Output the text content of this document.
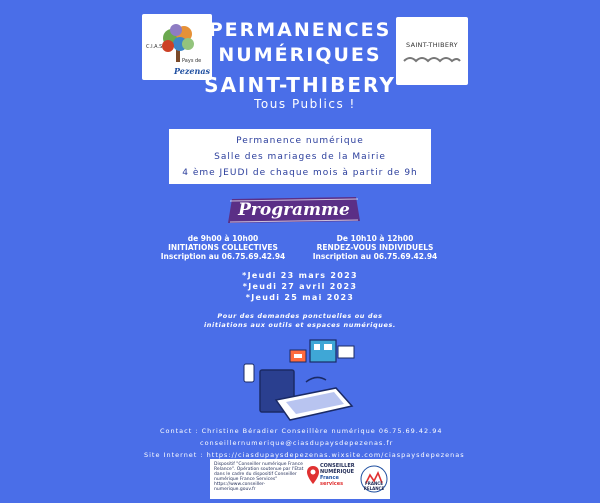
C.I.A.S
Pays de
Pezenas
SAINT-THIBERY
PERMANENCES
NUMÉRIQUES
SAINT-THIBERY
Tous Publics !
Permanence numérique
Salle des mariages de la Mairie
4 ème JEUDI de chaque mois à partir de 9h
Programme
de 9h00 à 10h00
INITIATIONS COLLECTIVES
Inscription au 06.75.69.42.94
De 10h10 à 12h00
RENDEZ-VOUS INDIVIDUELS
Inscription au 06.75.69.42.94
*Jeudi 23 mars 2023
*Jeudi 27 avril 2023
*Jeudi 25 mai 2023
Pour des demandes ponctuelles ou des
initiations aux outils et espaces numériques.
Contact : Christine Béradier Conseillère numérique 06.75.69.42.94
conseillernumerique@ciasdupaysdepezenas.fr
Site Internet : https://ciasdupaysdepezenas.wixsite.com/ciaspaysdepezenas
Dispositif "Conseiller numérique France
Relance". Opération soutenue par l'Etat
dans le cadre du dispositif Conseiller
numérique France Services"
https://www.conseiller-numerique.gouv.fr
CONSEILLER
NUMÉRIQUE
France
services	FRANCE
RELANCE
